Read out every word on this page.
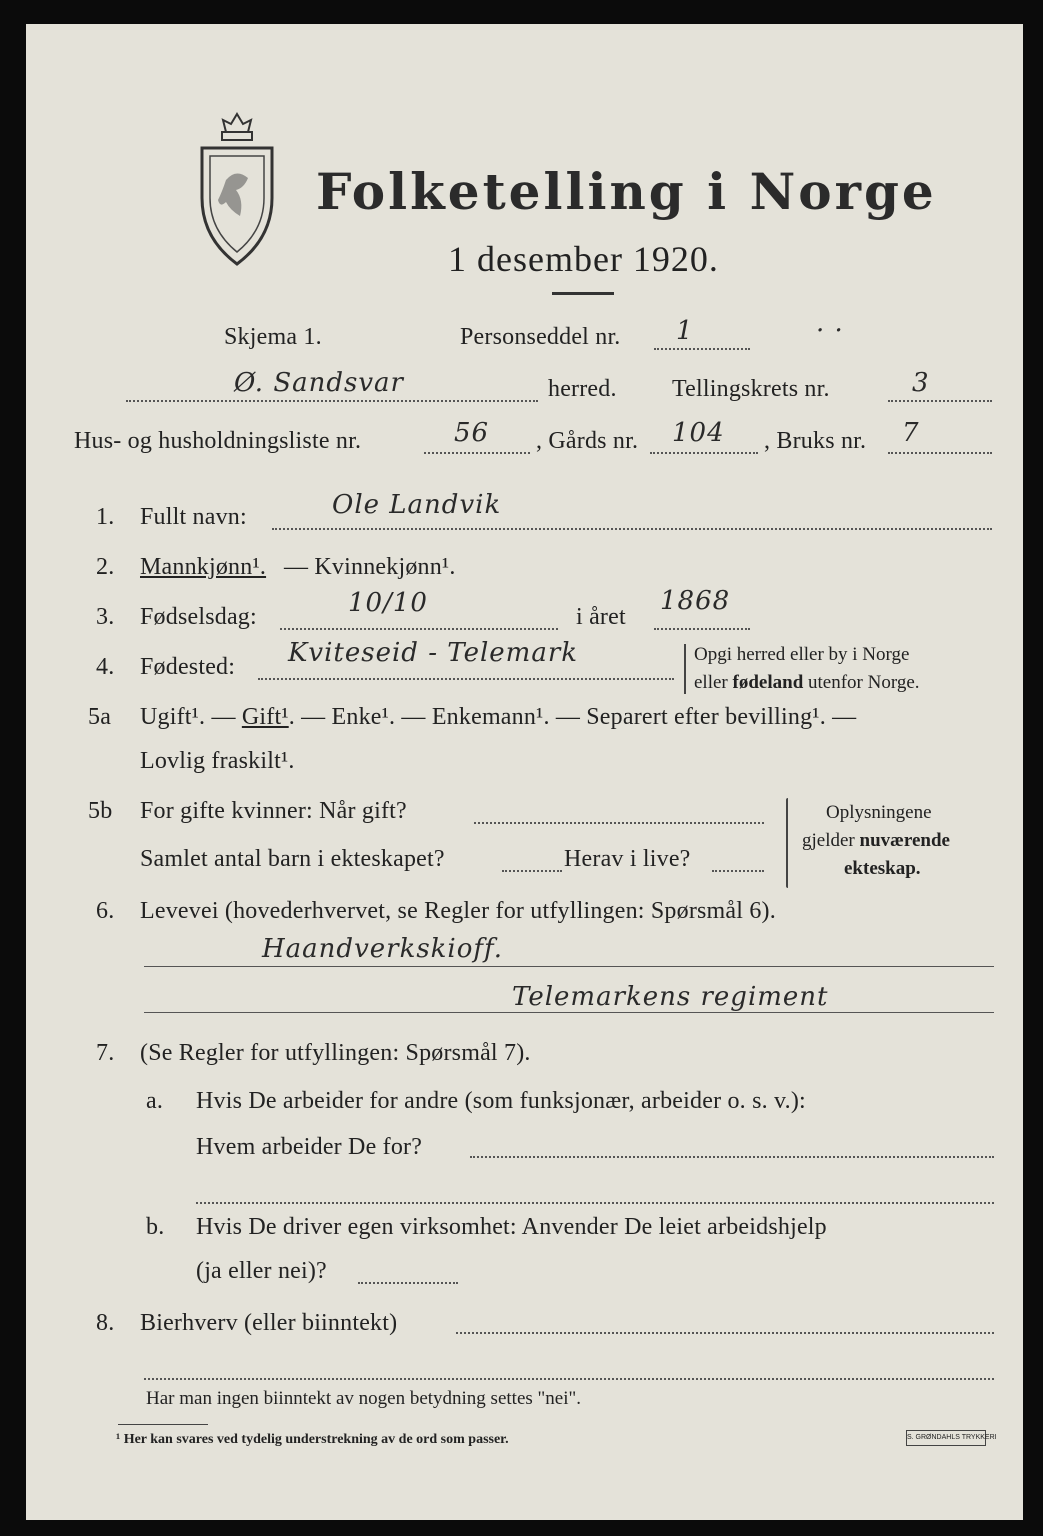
Folketelling i Norge
1 desember 1920.
Skjema 1.	Personseddel nr. 1	· ·
Ø. Sandsvar	herred. Tellingskrets nr.	3
Hus- og husholdningsliste nr.	56 , Gårds nr. 104 , Bruks nr. 7
1. Fullt navn:	Ole Landvik
2. Mannkjønn¹. — Kvinnekjønn¹.
3. Fødselsdag:	10/10	i året
1868
4. Fødested: Kviteseid - Telemark	Opgi herred eller by i Norge
eller fødeland utenfor Norge.
5a Ugift¹. — Gift¹. — Enke¹. — Enkemann¹. — Separert efter bevilling¹. —
Lovlig fraskilt¹.
5b For gifte kvinner: Når gift?
Samlet antal barn i ekteskapet?	Herav i live?
Oplysningene
gjelder nuværende
ekteskap.
6. Levevei (hovederhvervet, se Regler for utfyllingen: Spørsmål 6).
Haandverkskioff.
Telemarkens regiment
7. (Se Regler for utfyllingen: Spørsmål 7).
a. Hvis De arbeider for andre (som funksjonær, arbeider o. s. v.):
Hvem arbeider De for?
b. Hvis De driver egen virksomhet: Anvender De leiet arbeidshjelp
(ja eller nei)?
8. Bierhverv (eller biinntekt)
Har man ingen biinntekt av nogen betydning settes "nei".
¹ Her kan svares ved tydelig understrekning av de ord som passer.	S. GRØNDAHLS TRYKKERI
